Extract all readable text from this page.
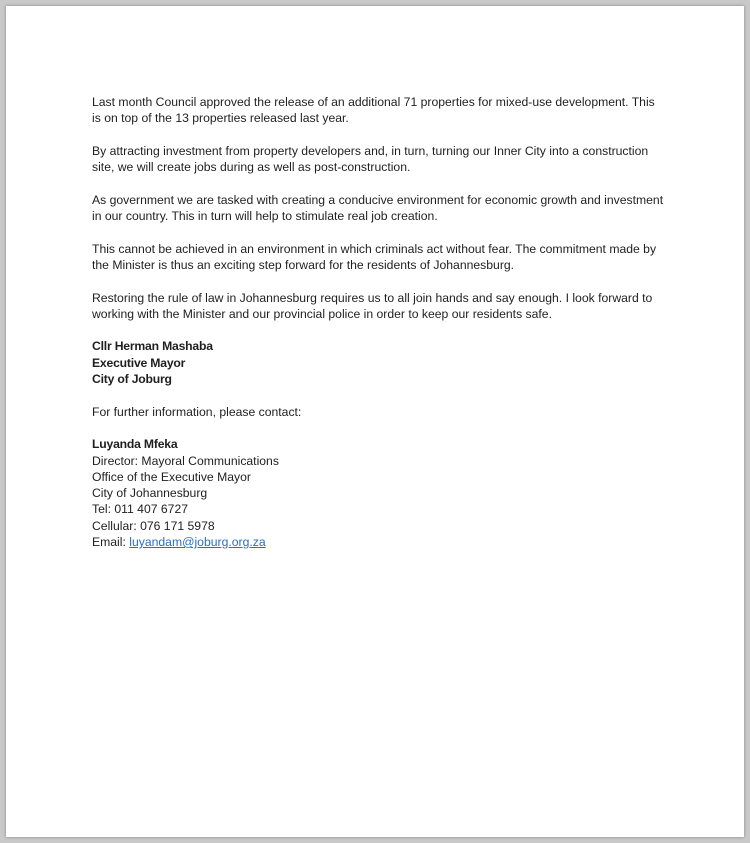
Last month Council approved the release of an additional 71 properties for mixed-use development. This
is on top of the 13 properties released last year.

By attracting investment from property developers and, in turn, turning our Inner City into a construction
site, we will create jobs during as well as post-construction.

As government we are tasked with creating a conducive environment for economic growth and investment
in our country. This in turn will help to stimulate real job creation.

This cannot be achieved in an environment in which criminals act without fear. The commitment made by
the Minister is thus an exciting step forward for the residents of Johannesburg.

Restoring the rule of law in Johannesburg requires us to all join hands and say enough. I look forward to
working with the Minister and our provincial police in order to keep our residents safe.

Cllr Herman Mashaba
Executive Mayor
City of Joburg

For further information, please contact:

Luyanda Mfeka
Director: Mayoral Communications
Office of the Executive Mayor
City of Johannesburg
Tel: 011 407 6727
Cellular: 076 171 5978
Email: luyandam@joburg.org.za
